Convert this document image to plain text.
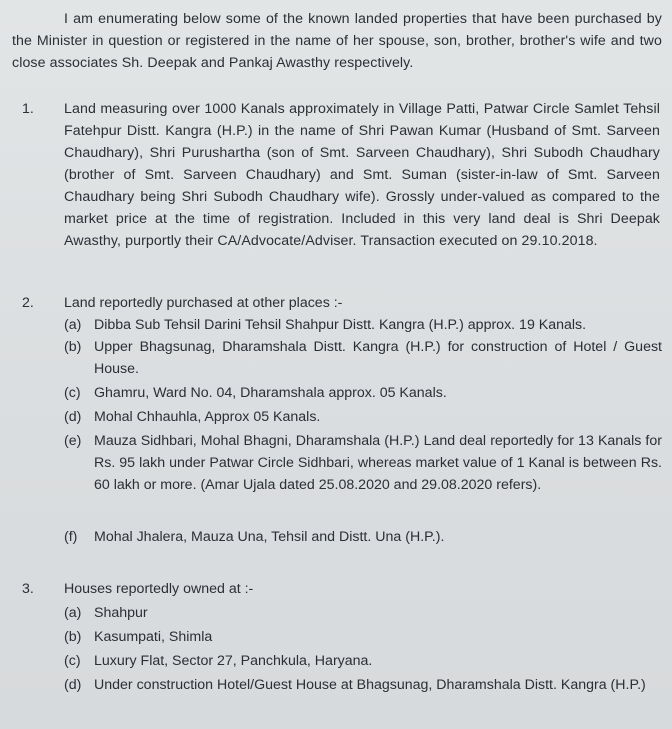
I am enumerating below some of the known landed properties that have been purchased by the Minister in question or registered in the name of her spouse, son, brother, brother's wife and two close associates Sh. Deepak and Pankaj Awasthy respectively.

1. Land measuring over 1000 Kanals approximately in Village Patti, Patwar Circle Samlet Tehsil Fatehpur Distt. Kangra (H.P.) in the name of Shri Pawan Kumar (Husband of Smt. Sarveen Chaudhary), Shri Purushartha (son of Smt. Sarveen Chaudhary), Shri Subodh Chaudhary (brother of Smt. Sarveen Chaudhary) and Smt. Suman (sister-in-law of Smt. Sarveen Chaudhary being Shri Subodh Chaudhary wife). Grossly under-valued as compared to the market price at the time of registration. Included in this very land deal is Shri Deepak Awasthy, purportly their CA/Advocate/Adviser. Transaction executed on 29.10.2018.

2. Land reportedly purchased at other places :-
(a) Dibba Sub Tehsil Darini Tehsil Shahpur Distt. Kangra (H.P.) approx. 19 Kanals.
(b) Upper Bhagsunag, Dharamshala Distt. Kangra (H.P.) for construction of Hotel / Guest House.
(c) Ghamru, Ward No. 04, Dharamshala approx. 05 Kanals.
(d) Mohal Chhauhla, Approx 05 Kanals.
(e) Mauza Sidhbari, Mohal Bhagni, Dharamshala (H.P.) Land deal reportedly for 13 Kanals for Rs. 95 lakh under Patwar Circle Sidhbari, whereas market value of 1 Kanal is between Rs. 60 lakh or more. (Amar Ujala dated 25.08.2020 and 29.08.2020 refers).
(f)	Mohal Jhalera, Mauza Una, Tehsil and Distt. Una (H.P.).
3. Houses reportedly owned at :-
(a) Shahpur
(b) Kasumpati, Shimla
(c) Luxury Flat, Sector 27, Panchkula, Haryana.
(d) Under construction Hotel/Guest House at Bhagsunag, Dharamshala Distt. Kangra (H.P.)
